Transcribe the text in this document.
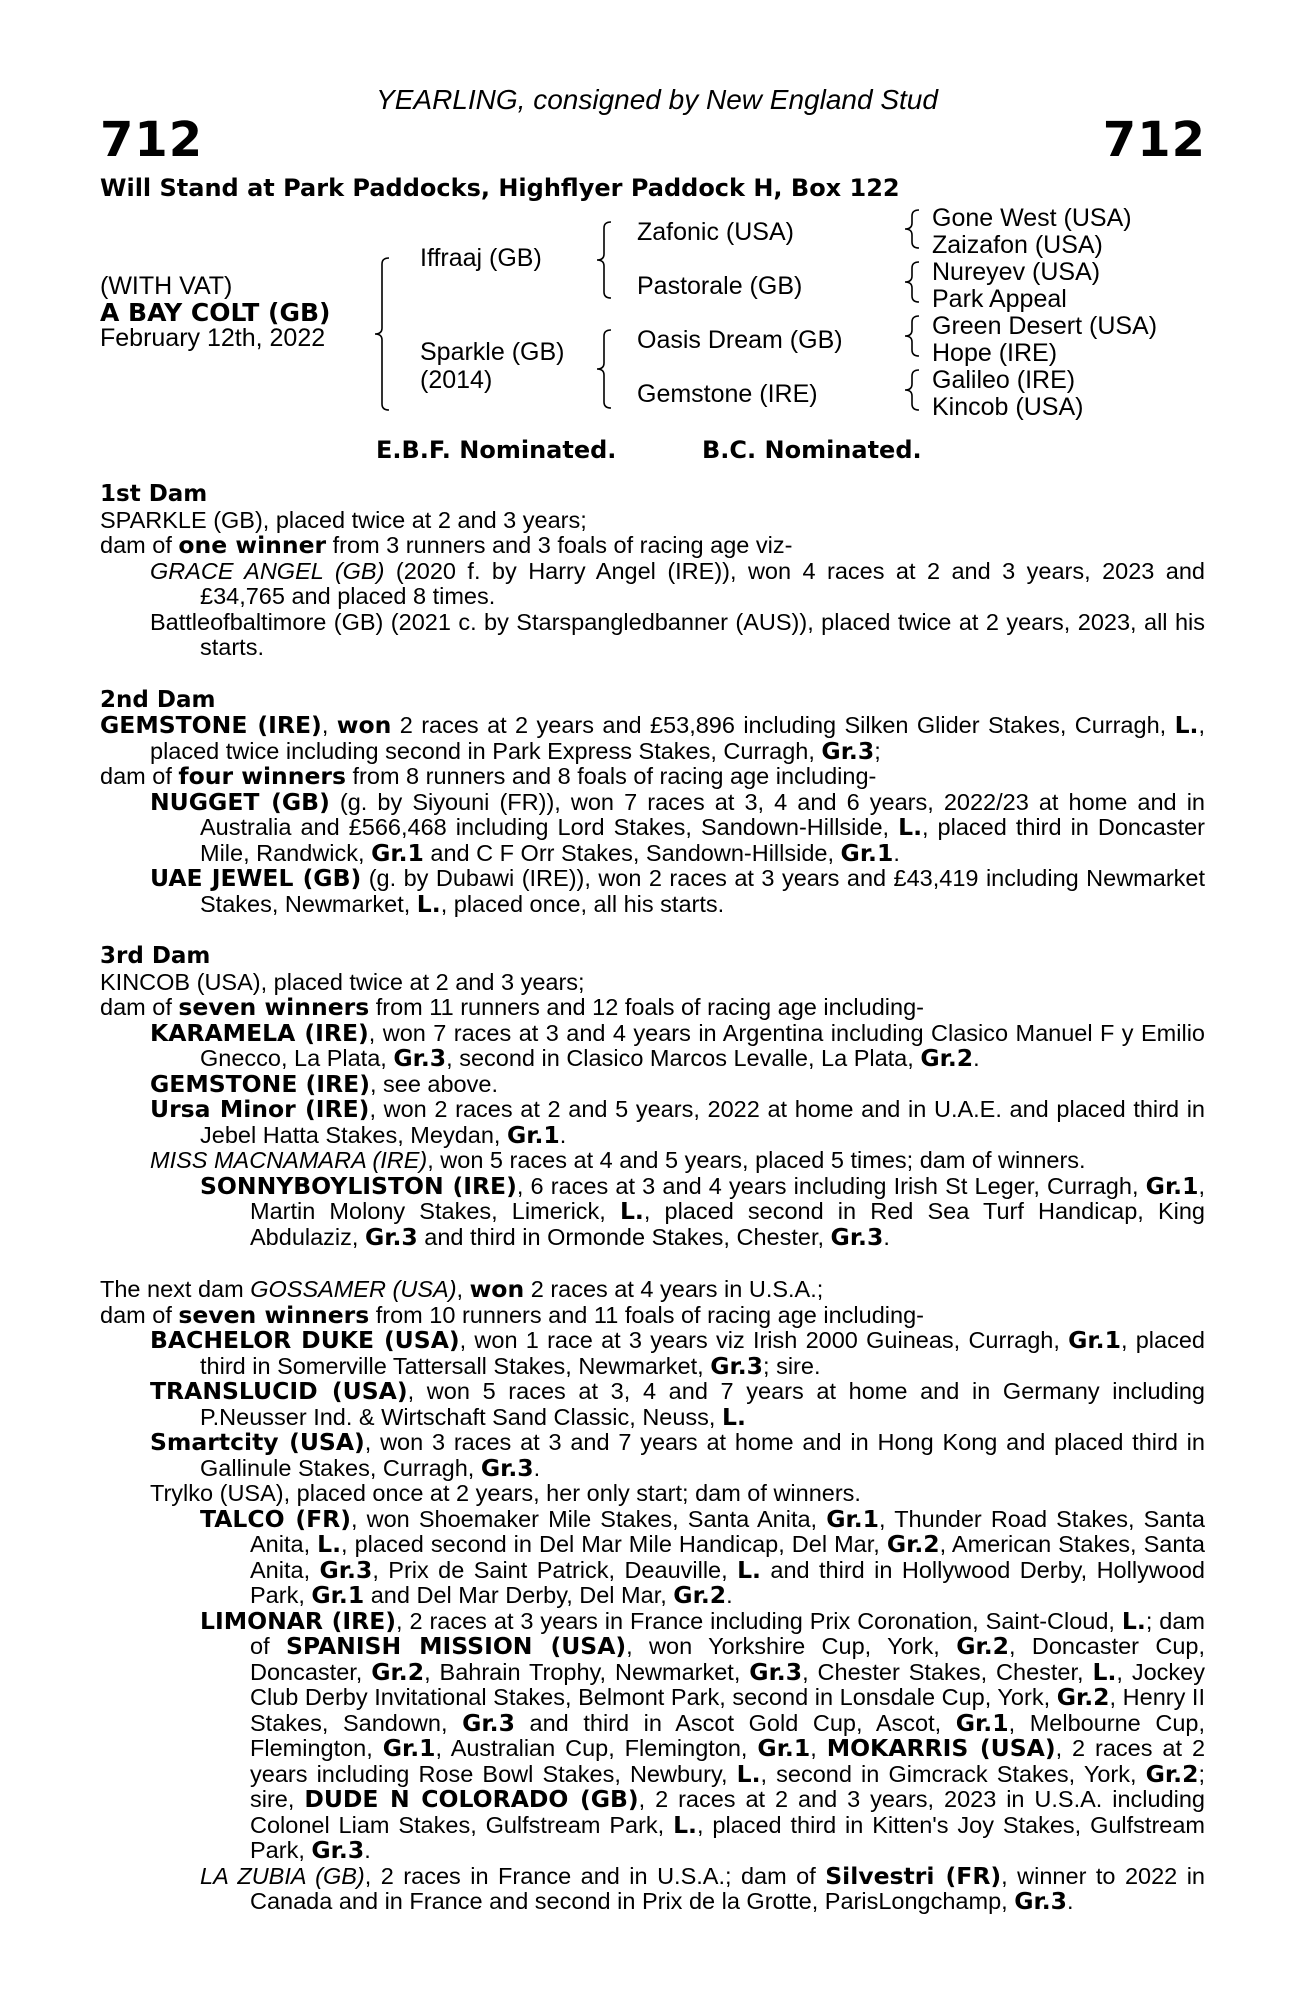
YEARLING, consigned by New England Stud
712	712
Will Stand at Park Paddocks, Highflyer Paddock H, Box 122
(WITH VAT)
A BAY COLT (GB)
February 12th, 2022
Iffraaj (GB)
Sparkle (GB)
(2014)
Zafonic (USA)
Pastorale (GB)
Oasis Dream (GB)
Gemstone (IRE)
Gone West (USA)
Zaizafon (USA)
Nureyev (USA)
Park Appeal
Green Desert (USA)
Hope (IRE)
Galileo (IRE)
Kincob (USA)
E.B.F. Nominated.	B.C. Nominated.
1st Dam
SPARKLE (GB), placed twice at 2 and 3 years;
dam of one winner from 3 runners and 3 foals of racing age viz-
GRACE ANGEL (GB) (2020 f. by Harry Angel (IRE)), won 4 races at 2 and 3 years, 2023 and £34,765 and placed 8 times.
Battleofbaltimore (GB) (2021 c. by Starspangledbanner (AUS)), placed twice at 2 years, 2023, all his starts.
2nd Dam
GEMSTONE (IRE), won 2 races at 2 years and £53,896 including Silken Glider Stakes, Curragh, L., placed twice including second in Park Express Stakes, Curragh, Gr.3;
dam of four winners from 8 runners and 8 foals of racing age including-
NUGGET (GB) (g. by Siyouni (FR)), won 7 races at 3, 4 and 6 years, 2022/23 at home and in Australia and £566,468 including Lord Stakes, Sandown-Hillside, L., placed third in Doncaster Mile, Randwick, Gr.1 and C F Orr Stakes, Sandown-Hillside, Gr.1.
UAE JEWEL (GB) (g. by Dubawi (IRE)), won 2 races at 3 years and £43,419 including Newmarket Stakes, Newmarket, L., placed once, all his starts.
3rd Dam
KINCOB (USA), placed twice at 2 and 3 years;
dam of seven winners from 11 runners and 12 foals of racing age including-
KARAMELA (IRE), won 7 races at 3 and 4 years in Argentina including Clasico Manuel F y Emilio Gnecco, La Plata, Gr.3, second in Clasico Marcos Levalle, La Plata, Gr.2.
GEMSTONE (IRE), see above.
Ursa Minor (IRE), won 2 races at 2 and 5 years, 2022 at home and in U.A.E. and placed third in Jebel Hatta Stakes, Meydan, Gr.1.
MISS MACNAMARA (IRE), won 5 races at 4 and 5 years, placed 5 times; dam of winners.
SONNYBOYLISTON (IRE), 6 races at 3 and 4 years including Irish St Leger, Curragh, Gr.1, Martin Molony Stakes, Limerick, L., placed second in Red Sea Turf Handicap, King Abdulaziz, Gr.3 and third in Ormonde Stakes, Chester, Gr.3.
The next dam GOSSAMER (USA), won 2 races at 4 years in U.S.A.;
dam of seven winners from 10 runners and 11 foals of racing age including-
BACHELOR DUKE (USA), won 1 race at 3 years viz Irish 2000 Guineas, Curragh, Gr.1, placed third in Somerville Tattersall Stakes, Newmarket, Gr.3; sire.
TRANSLUCID (USA), won 5 races at 3, 4 and 7 years at home and in Germany including P.Neusser Ind. & Wirtschaft Sand Classic, Neuss, L.
Smartcity (USA), won 3 races at 3 and 7 years at home and in Hong Kong and placed third in Gallinule Stakes, Curragh, Gr.3.
Trylko (USA), placed once at 2 years, her only start; dam of winners.
TALCO (FR), won Shoemaker Mile Stakes, Santa Anita, Gr.1, Thunder Road Stakes, Santa Anita, L., placed second in Del Mar Mile Handicap, Del Mar, Gr.2, American Stakes, Santa Anita, Gr.3, Prix de Saint Patrick, Deauville, L. and third in Hollywood Derby, Hollywood Park, Gr.1 and Del Mar Derby, Del Mar, Gr.2.
LIMONAR (IRE), 2 races at 3 years in France including Prix Coronation, Saint-Cloud, L.; dam of SPANISH MISSION (USA), won Yorkshire Cup, York, Gr.2, Doncaster Cup, Doncaster, Gr.2, Bahrain Trophy, Newmarket, Gr.3, Chester Stakes, Chester, L., Jockey Club Derby Invitational Stakes, Belmont Park, second in Lonsdale Cup, York, Gr.2, Henry II Stakes, Sandown, Gr.3 and third in Ascot Gold Cup, Ascot, Gr.1, Melbourne Cup, Flemington, Gr.1, Australian Cup, Flemington, Gr.1, MOKARRIS (USA), 2 races at 2 years including Rose Bowl Stakes, Newbury, L., second in Gimcrack Stakes, York, Gr.2; sire, DUDE N COLORADO (GB), 2 races at 2 and 3 years, 2023 in U.S.A. including Colonel Liam Stakes, Gulfstream Park, L., placed third in Kitten's Joy Stakes, Gulfstream Park, Gr.3.
LA ZUBIA (GB), 2 races in France and in U.S.A.; dam of Silvestri (FR), winner to 2022 in Canada and in France and second in Prix de la Grotte, ParisLongchamp, Gr.3.
